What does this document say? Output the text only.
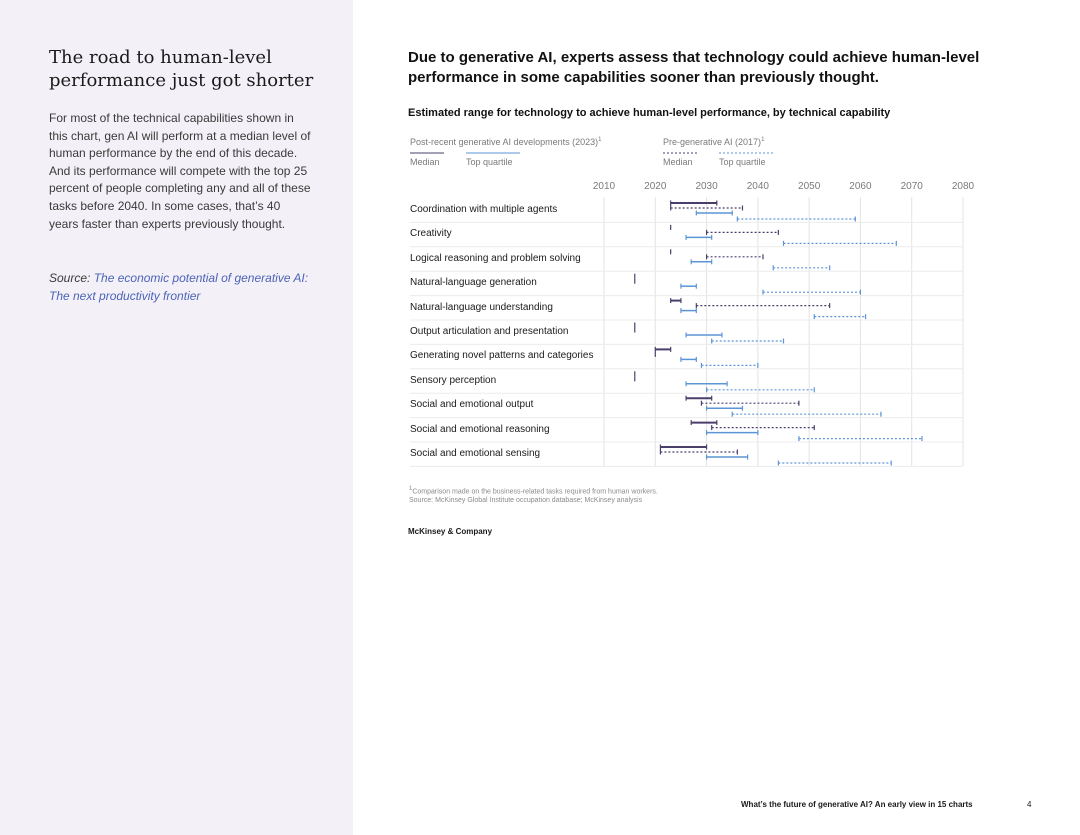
The road to human-level performance just got shorter

For most of the technical capabilities shown in this chart, gen AI will perform at a median level of human performance by the end of this decade. And its performance will compete with the top 25 percent of people completing any and all of these tasks before 2040. In some cases, that’s 40 years faster than experts previously thought.

Source: The economic potential of generative AI: The next productivity frontier

Due to generative AI, experts assess that technology could achieve human-level performance in some capabilities sooner than previously thought.
Estimated range for technology to achieve human-level performance, by technical capability
Post-recent generative AI developments $(2023)^1$	Pre-generative AI $(2017)^1$
Median	Top quartile	Median	Top quartile
2010	2020	2030	2040	2050	2060	2070	2080
Coordination with multiple agents
Creativity
Logical reasoning and problem solving
Natural-language generation
Natural-language understanding
Output articulation and presentation
Generating novel patterns and categories
Sensory perception
Social and emotional output
Social and emotional reasoning
Social and emotional sensing
$^1$Comparison made on the business-related tasks required from human workers.
Source: McKinsey Global Institute occupation database; McKinsey analysis
McKinsey & Company
What’s the future of generative AI? An early view in 15 charts	4
